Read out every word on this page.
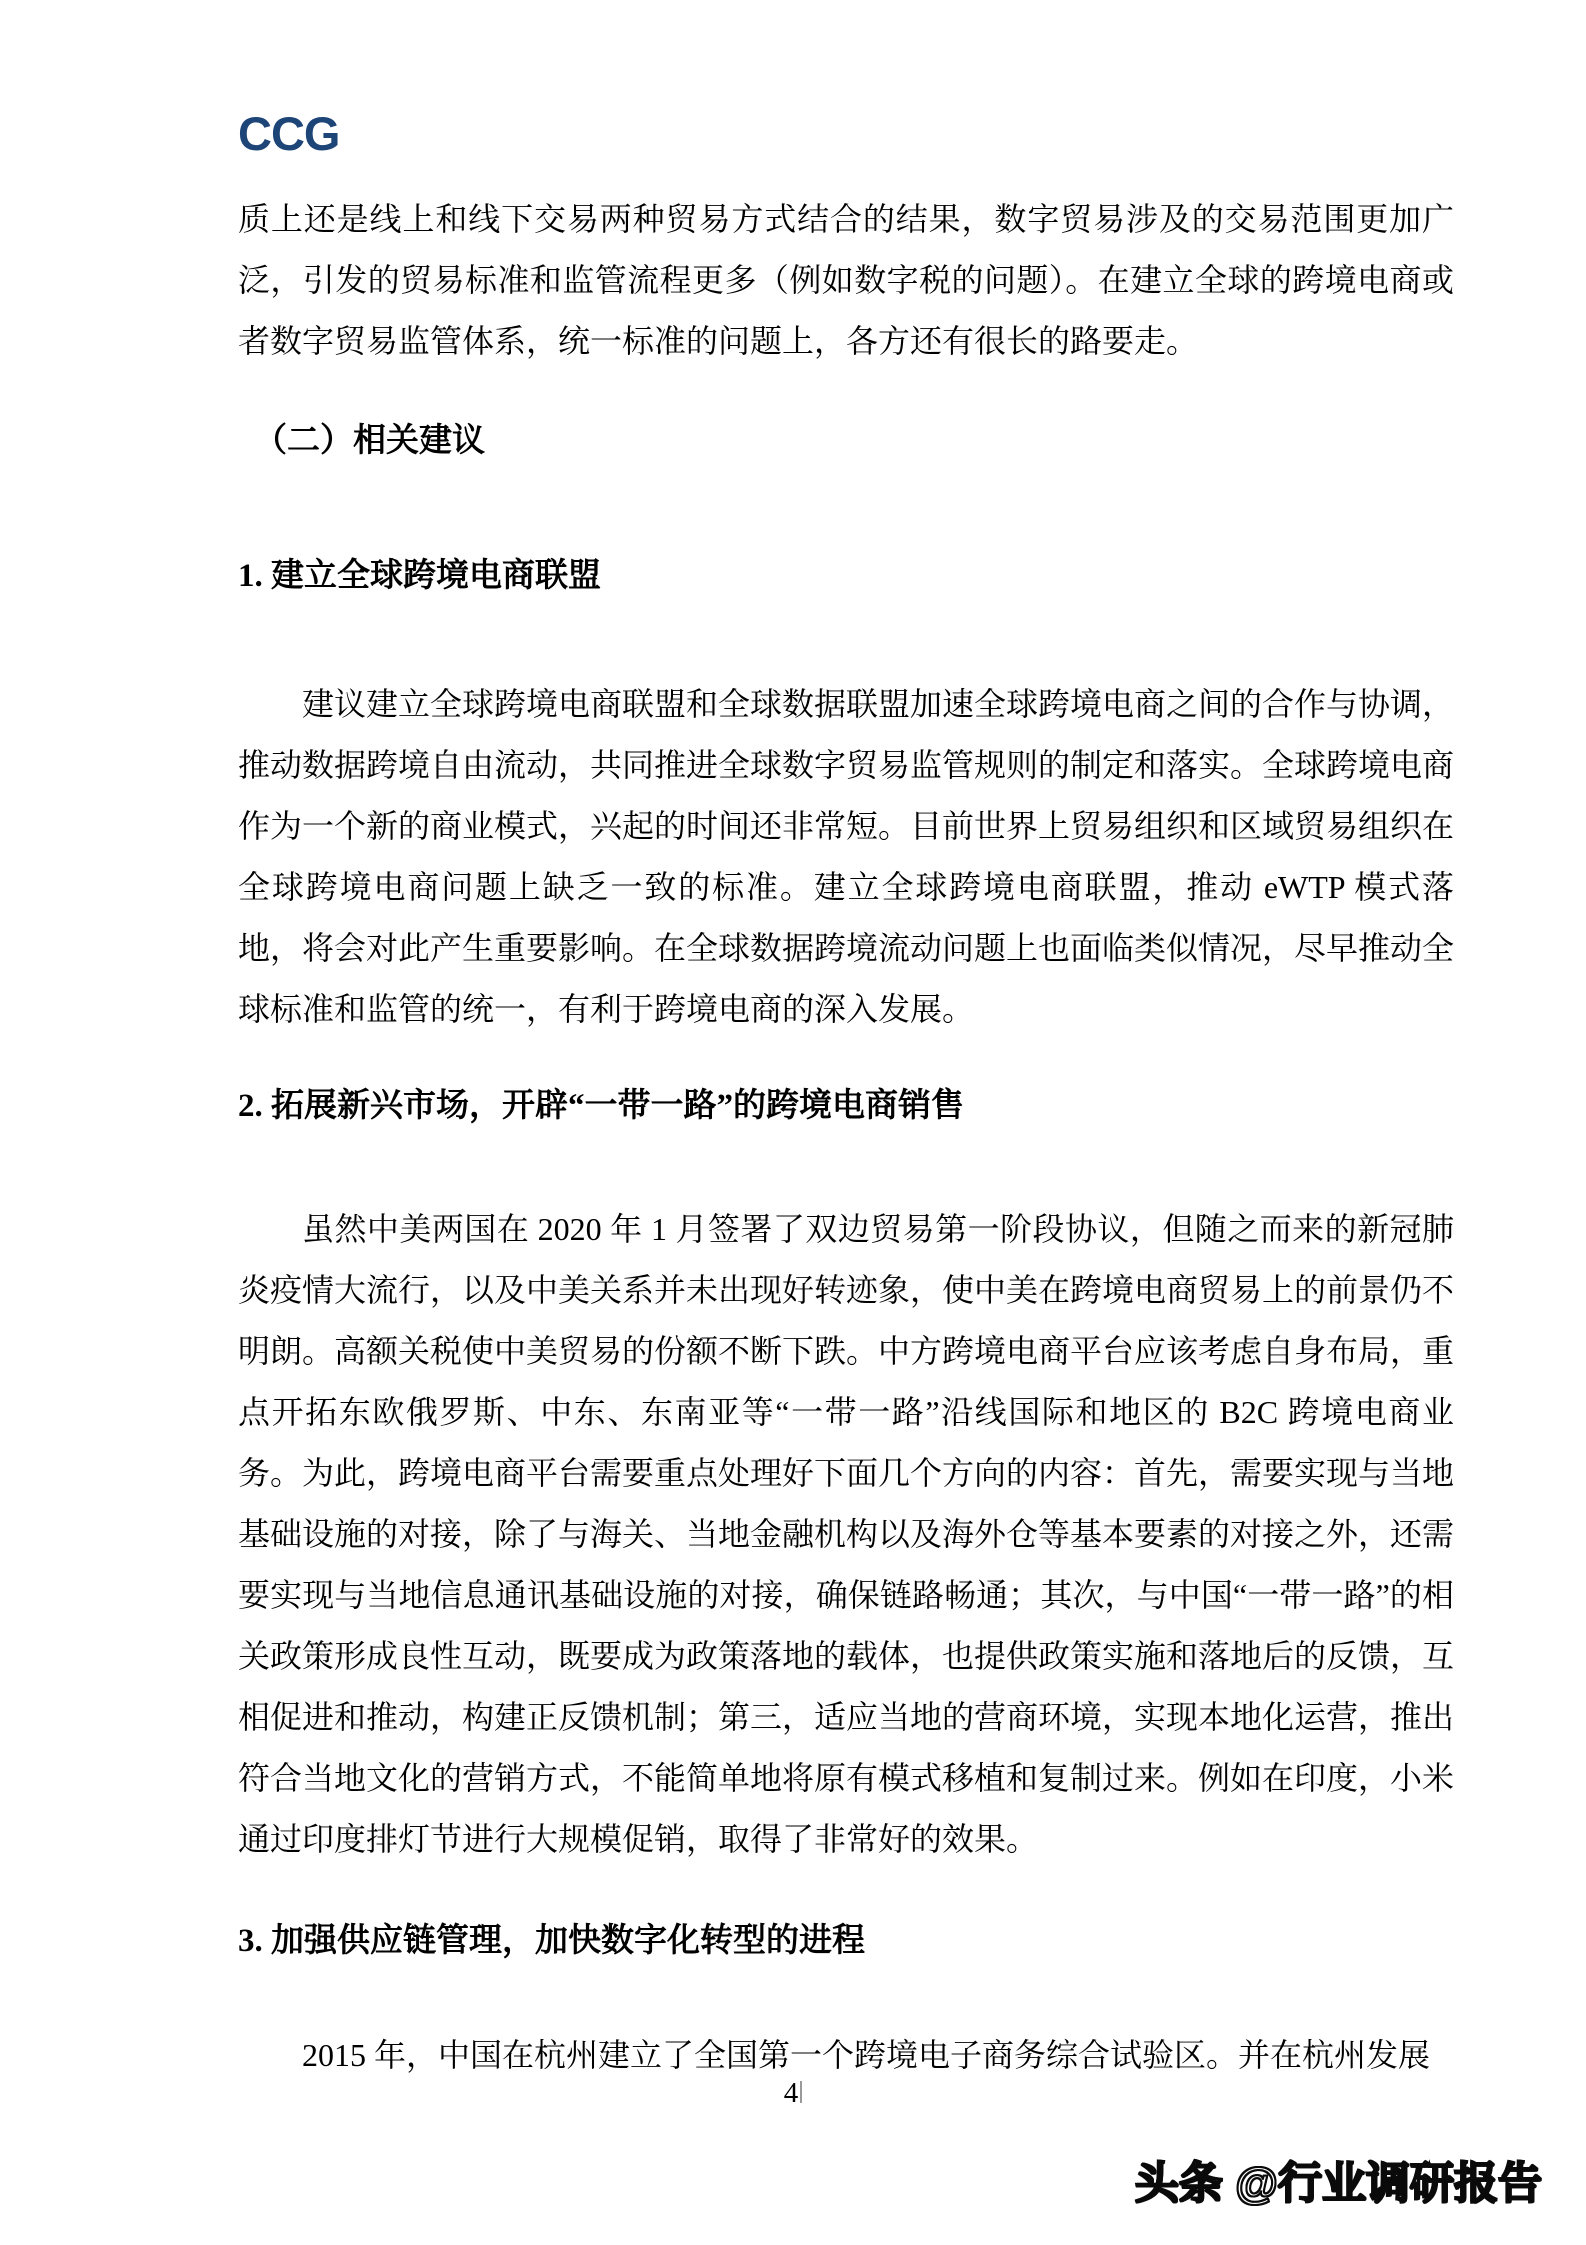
CCG

质上还是线上和线下交易两种贸易方式结合的结果，数字贸易涉及的交易范围更加广泛，引发的贸易标准和监管流程更多（例如数字税的问题）。在建立全球的跨境电商或者数字贸易监管体系，统一标准的问题上，各方还有很长的路要走。

（二）相关建议
1. 建立全球跨境电商联盟

建议建立全球跨境电商联盟和全球数据联盟加速全球跨境电商之间的合作与协调，推动数据跨境自由流动，共同推进全球数字贸易监管规则的制定和落实。全球跨境电商作为一个新的商业模式，兴起的时间还非常短。目前世界上贸易组织和区域贸易组织在全球跨境电商问题上缺乏一致的标准。建立全球跨境电商联盟，推动 eWTP 模式落地，将会对此产生重要影响。在全球数据跨境流动问题上也面临类似情况，尽早推动全球标准和监管的统一，有利于跨境电商的深入发展。

2. 拓展新兴市场，开辟“一带一路”的跨境电商销售

虽然中美两国在 2020 年 1 月签署了双边贸易第一阶段协议，但随之而来的新冠肺炎疫情大流行，以及中美关系并未出现好转迹象，使中美在跨境电商贸易上的前景仍不明朗。高额关税使中美贸易的份额不断下跌。中方跨境电商平台应该考虑自身布局，重点开拓东欧俄罗斯、中东、东南亚等“一带一路”沿线国际和地区的 B2C 跨境电商业务。为此，跨境电商平台需要重点处理好下面几个方向的内容：首先，需要实现与当地基础设施的对接，除了与海关、当地金融机构以及海外仓等基本要素的对接之外，还需要实现与当地信息通讯基础设施的对接，确保链路畅通；其次，与中国“一带一路”的相关政策形成良性互动，既要成为政策落地的载体，也提供政策实施和落地后的反馈，互相促进和推动，构建正反馈机制；第三，适应当地的营商环境，实现本地化运营，推出符合当地文化的营销方式，不能简单地将原有模式移植和复制过来。例如在印度，小米通过印度排灯节进行大规模促销，取得了非常好的效果。

3. 加强供应链管理，加快数字化转型的进程

2015 年，中国在杭州建立了全国第一个跨境电子商务综合试验区。并在杭州发展

4
头条 @行业调研报告
